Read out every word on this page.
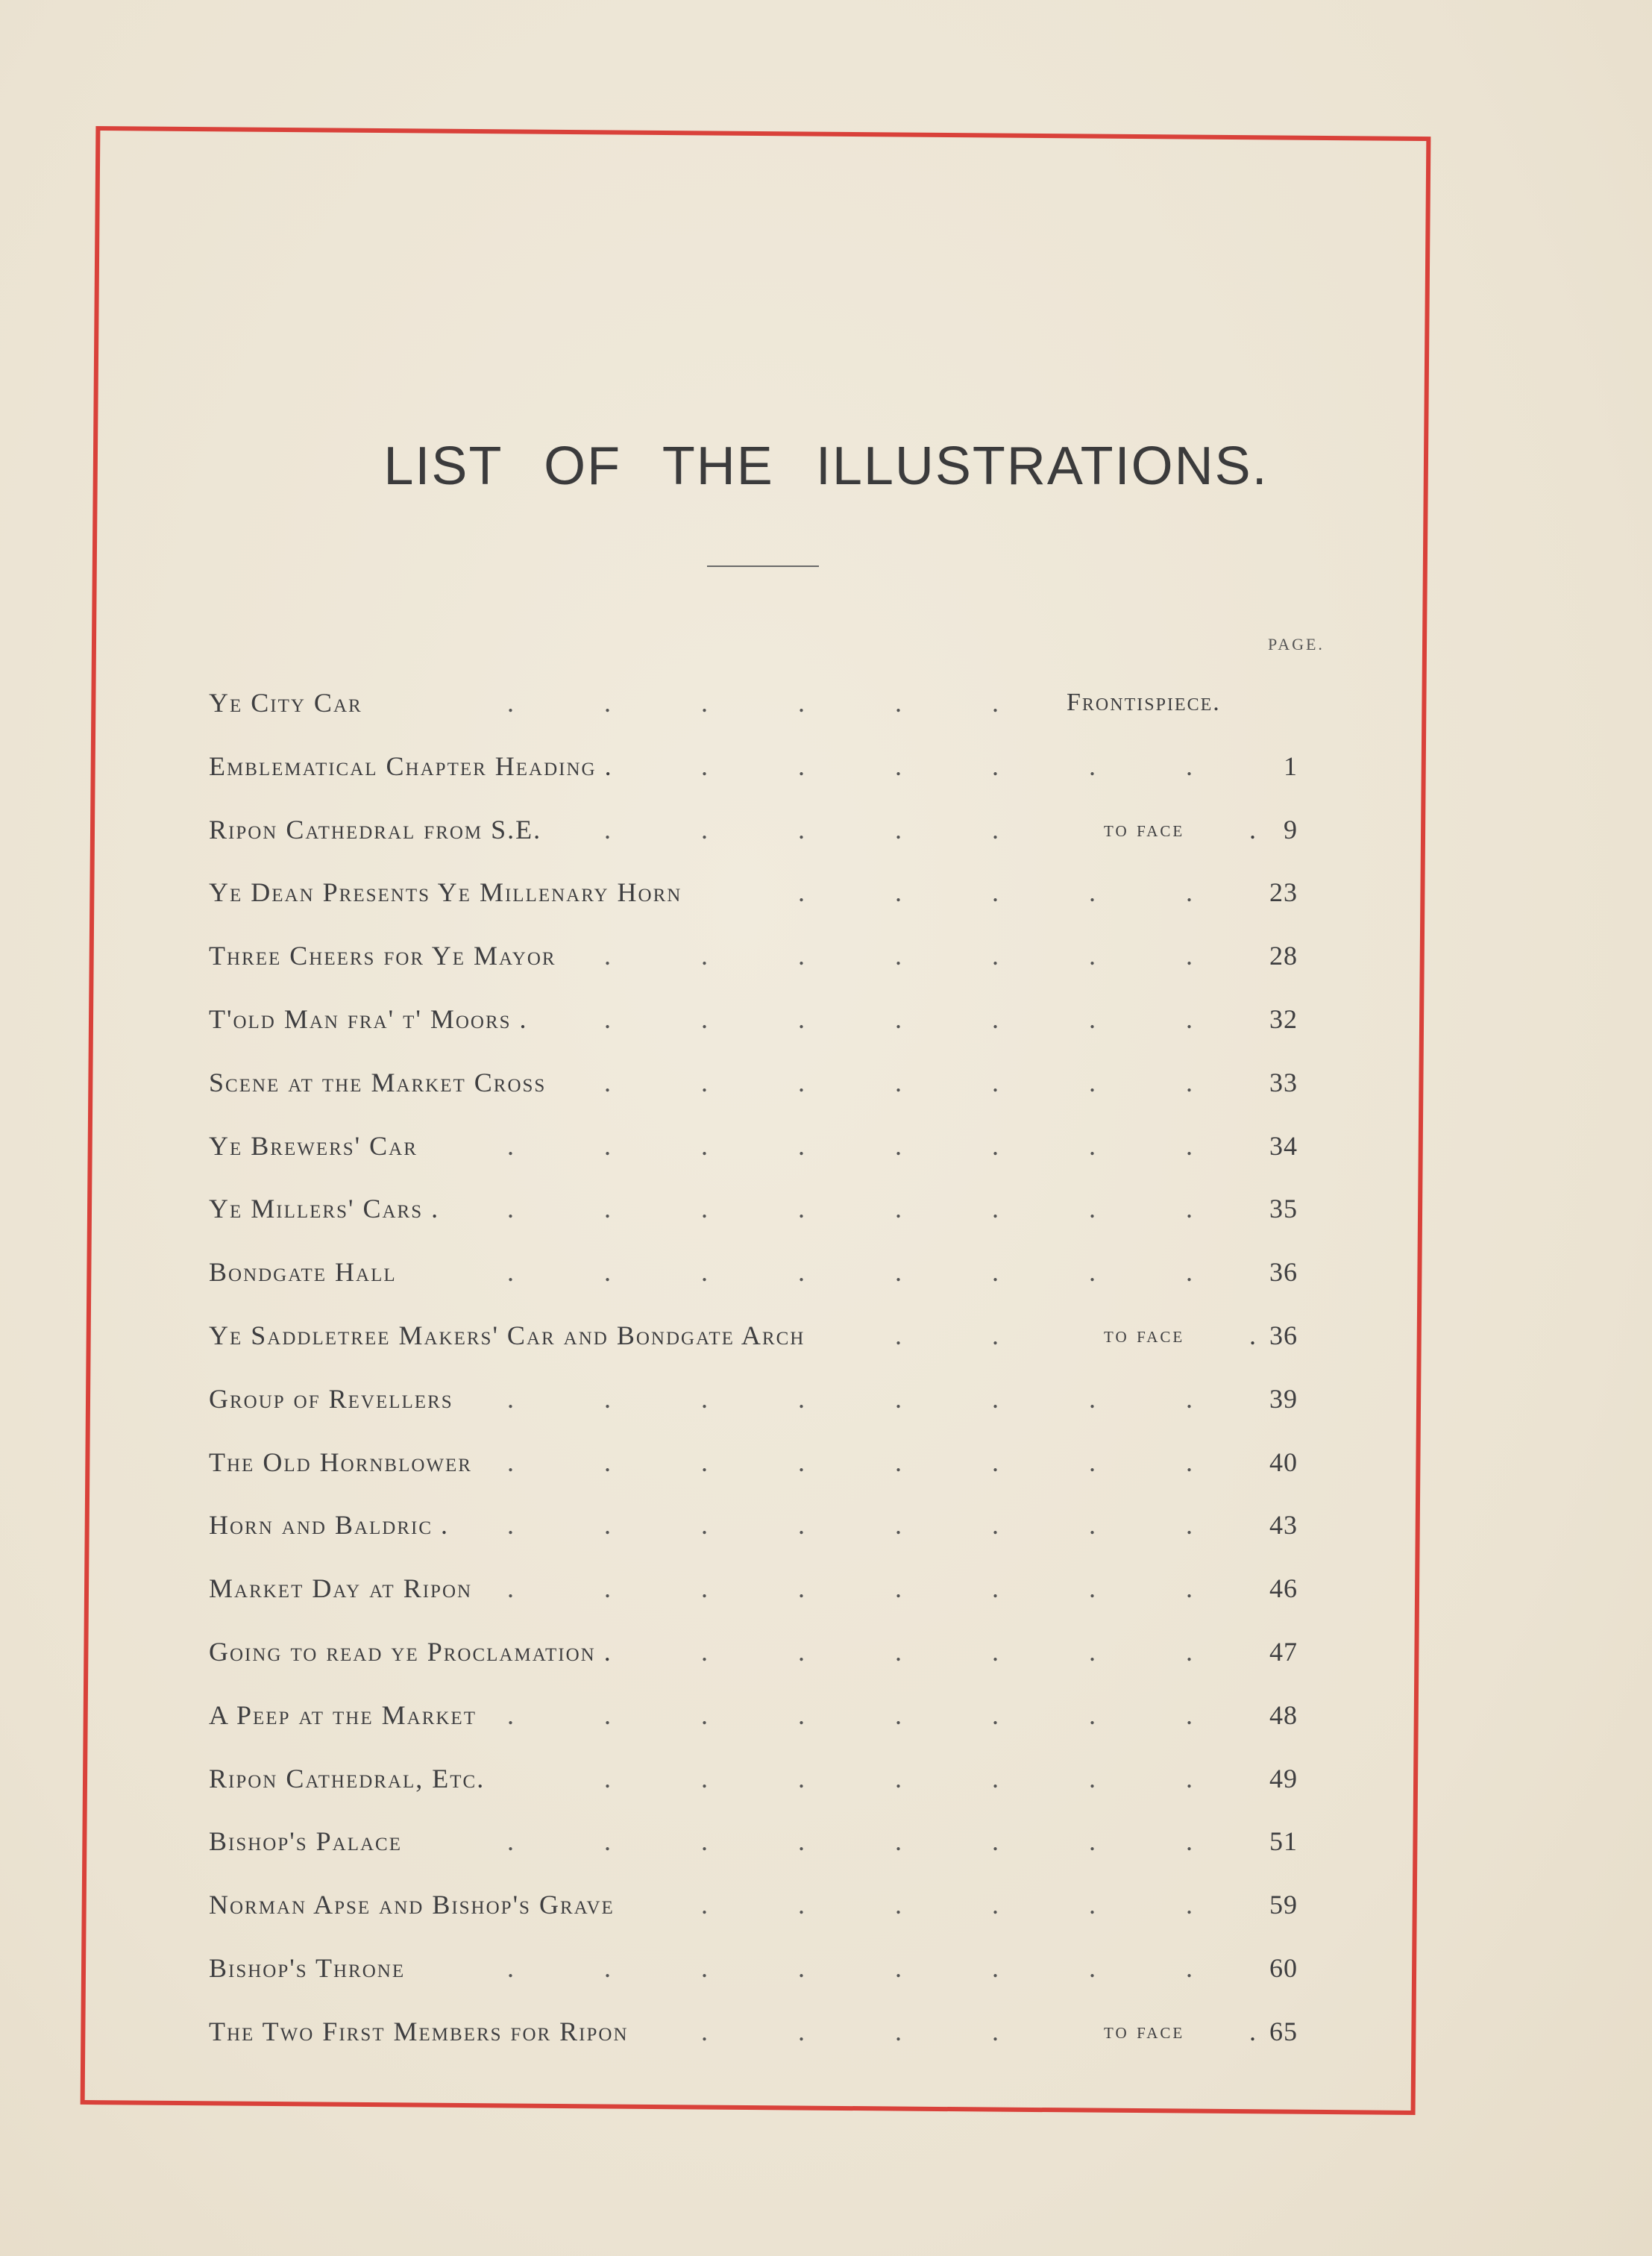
LIST OF THE ILLUSTRATIONS.
PAGE.
Ye City Car	.	.	.	.	.	.	Frontispiece.
Emblematical Chapter Heading .	.	.	.	.	.	.	1
Ripon Cathedral from S.E. .	.	.	.	.	to face . 9
Ye Dean Presents Ye Millenary Horn	.	.	.	.	.	23
Three Cheers for Ye Mayor .	.	.	.	.	.	.	28
T'old Man fra' t' Moors .	.	.	.	.	.	.	.	32
Scene at the Market Cross .	.	.	.	.	.	.	33
Ye Brewers' Car	.	.	.	.	.	.	.	.	34
Ye Millers' Cars .	.	.	.	.	.	.	.	.	35
Bondgate Hall	.	.	.	.	.	.	.	.	36
Ye Saddletree Makers' Car and Bondgate Arch	.	.	to face . 36
Group of Revellers .	.	.	.	.	.	.	.	39
The Old Hornblower .	.	.	.	.	.	.	.	40
Horn and Baldric . .	.	.	.	.	.	.	.	43
Market Day at Ripon .	.	.	.	.	.	.	.	46
Going to read ye Proclamation .	.	.	.	.	.	.	47
A Peep at the Market .	.	.	.	.	.	.	.	48
Ripon Cathedral, Etc.	.	.	.	.	.	.	.	49
Bishop's Palace	.	.	.	.	.	.	.	.	51
Norman Apse and Bishop's Grave	.	.	.	.	.	.	59
Bishop's Throne	.	.	.	.	.	.	.	.	60
The Two First Members for Ripon	.	.	.	.	to face . 65
